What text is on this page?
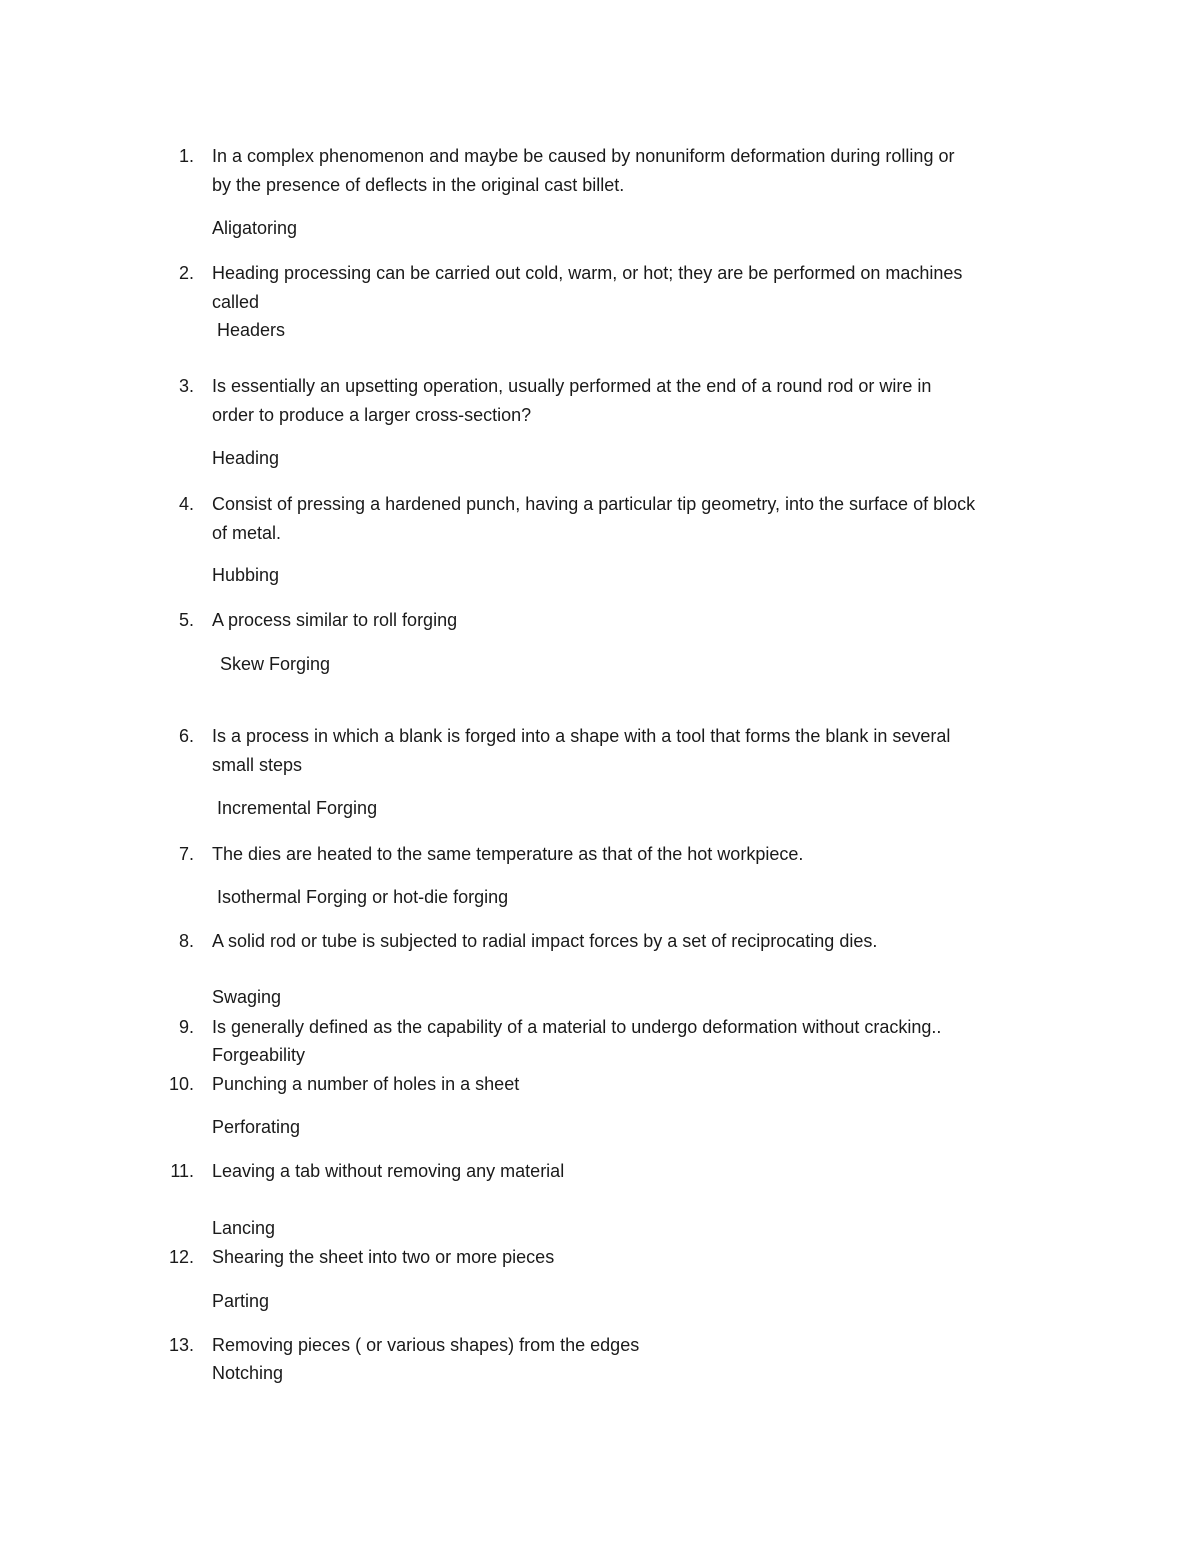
1. In a complex phenomenon and maybe be caused by nonuniform deformation during rolling or
by the presence of deflects in the original cast billet.
Aligatoring
2. Heading processing can be carried out cold, warm, or hot; they are be performed on machines
called
Headers
3. Is essentially an upsetting operation, usually performed at the end of a round rod or wire in
order to produce a larger cross-section?
Heading
4. Consist of pressing a hardened punch, having a particular tip geometry, into the surface of block
of metal.
Hubbing
5. A process similar to roll forging
Skew Forging
6. Is a process in which a blank is forged into a shape with a tool that forms the blank in several
small steps
Incremental Forging
7. The dies are heated to the same temperature as that of the hot workpiece.
Isothermal Forging or hot-die forging
8. A solid rod or tube is subjected to radial impact forces by a set of reciprocating dies.
Swaging
9. Is generally defined as the capability of a material to undergo deformation without cracking..
Forgeability
10. Punching a number of holes in a sheet
Perforating
11. Leaving a tab without removing any material
Lancing
12. Shearing the sheet into two or more pieces
Parting
13. Removing pieces ( or various shapes) from the edges
Notching
